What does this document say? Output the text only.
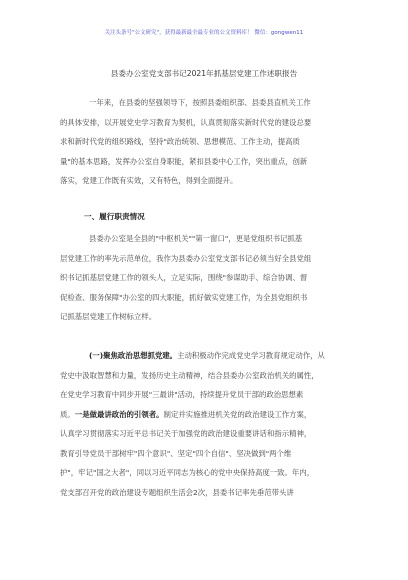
关注头条号"公文研究"，获得最新最全最专业的公文资料库！ 微信：gongwen11
县委办公室党支部书记2021年抓基层党建工作述职报告

一年来，在县委的坚强领导下，按照县委组织部、县委县直机关工作
的具体安排，以开展党史学习教育为契机，认真贯彻落实新时代党的建设总要
求和新时代党的组织路线，坚持"政治统领、思想模范、工作主动，提高质
量"的基本思路，发挥办公室自身职能，紧扣县委中心工作，突出重点，创新
落实，党建工作既有实效，又有特色，得到全面提升。

一、履行职责情况

县委办公室是全县的"中枢机关""第一窗口"，更是党组织书记抓基
层党建工作的率先示范单位，我作为县委办公室党支部书记必须当好全县党组
织书记抓基层党建工作的领头人，立足实际，围绕"参谋助手、综合协调、督
促检查、服务保障"办公室的四大职能，抓好做实党建工作，为全县党组织书
记抓基层党建工作树标立样。

(一)聚焦政治思想抓党建。主动积极动作完成党史学习教育规定动作，从
党史中汲取智慧和力量，发扬历史主动精神，结合县委办公室政治机关的属性，
在党史学习教育中同步开展"三最讲"活动，持续提升党员干部的政治思想素
质。一是做最讲政治的引领者。制定并实施推进机关党的政治建设工作方案，
认真学习贯彻落实习近平总书记关于加强党的政治建设重要讲话和指示精神，
教育引导党员干部树牢"四个意识"、坚定"四个自信"、坚决做到"两个维
护"，牢记"国之大者"，同以习近平同志为核心的党中央保持高度一致。年内，
党支部召开党的政治建设专题组织生活会2次，县委书记率先垂范带头讲
